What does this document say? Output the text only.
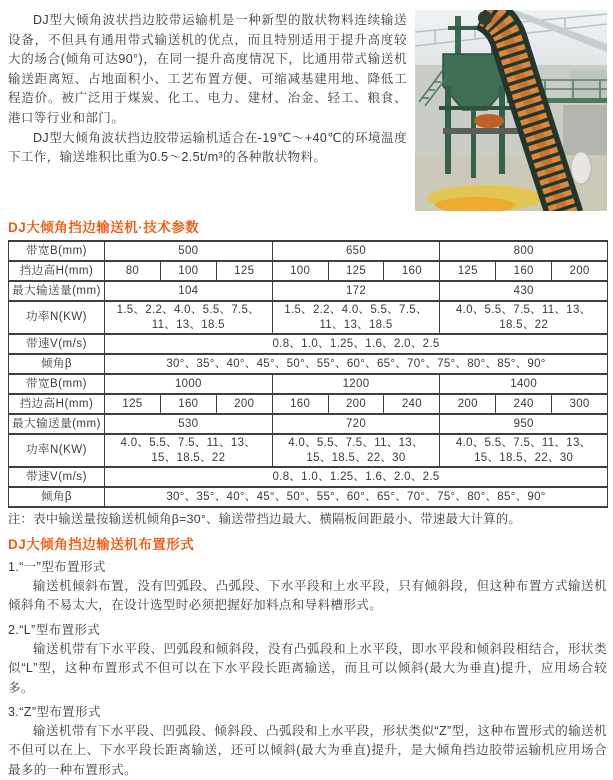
DJ型大倾角波状挡边胶带运输机是一种新型的散状物料连续输送设备，不但具有通用带式输送机的优点，而且特别适用于提升高度较大的场合(倾角可达90°)，在同一提升高度情况下，比通用带式输送机输送距离短、占地面积小、工艺布置方便、可缩减基建用地、降低工程造价。被广泛用于煤炭、化工、电力、建材、冶金、轻工、粮食、港口等行业和部门。

DJ型大倾角波状挡边胶带运输机适合在-19℃～+40℃的环境温度下工作，输送堆积比重为0.5～2.5t/m³的各种散状物料。

DJ大倾角挡边输送机·技术参数
带宽B(mm)	500			650			800		
挡边高H(mm)	80	100	125	100	125	160	125	160	200
最大输送量(mm)	104			172			430		
功率N(KW)	1.5、2.2、4.0、5.5、7.5、11、13、18.5			1.5、2.2、4.0、5.5、7.5、11、13、18.5			4.0、5.5、7.5、11、13、18.5、22		
带速V(m/s)	0.8、1.0、1.25、1.6、2.0、2.5								
倾角β	30°、35°、40°、45°、50°、55°、60°、65°、70°、75°、80°、85°、90°								
带宽B(mm)	1000			1200			1400		
挡边高H(mm)	125	160	200	160	200	240	200	240	300
最大输送量(mm)	530			720			950		
功率N(KW)	4.0、5.5、7.5、11、13、15、18.5、22			4.0、5.5、7.5、11、13、15、18.5、22、30			4.0、5.5、7.5、11、13、15、18.5、22、30		
带速V(m/s)	0.8、1.0、1.25、1.6、2.0、2.5								
倾角β	30°、35°、40°、45°、50°、55°、60°、65°、70°、75°、80°、85°、90°								
注：表中输送量按输送机倾角β=30°、输送带挡边最大、横隔板间距最小、带速最大计算的。
DJ大倾角挡边输送机布置形式
1.“一”型布置形式

输送机倾斜布置，没有凹弧段、凸弧段、下水平段和上水平段，只有倾斜段，但这种布置方式输送机倾斜角不易太大，在设计选型时必须把握好加料点和导料槽形式。

2.“L”型布置形式

输送机带有下水平段、凹弧段和倾斜段，没有凸弧段和上水平段，即水平段和倾斜段相结合，形状类似“L”型，这种布置形式不但可以在下水平段长距离输送，而且可以倾斜(最大为垂直)提升，应用场合较多。

3.“Z”型布置形式

输送机带有下水平段、凹弧段、倾斜段、凸弧段和上水平段，形状类似“Z”型，这种布置形式的输送机不但可以在上、下水平段长距离输送，还可以倾斜(最大为垂直)提升，是大倾角挡边胶带运输机应用场合最多的一种布置形式。
